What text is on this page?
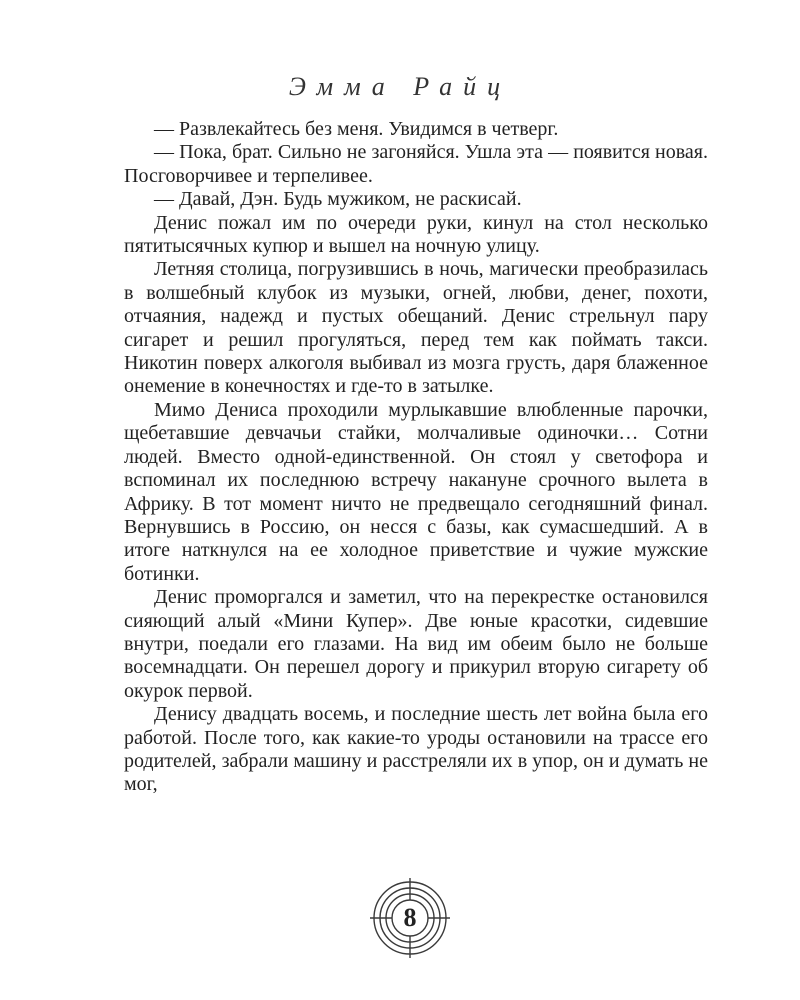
Эмма Райц

— Развлекайтесь без меня. Увидимся в четверг.

— Пока, брат. Сильно не загоняйся. Ушла эта — появится новая. Посговорчивее и терпеливее.

— Давай, Дэн. Будь мужиком, не раскисай.

Денис пожал им по очереди руки, кинул на стол несколько пятитысячных купюр и вышел на ночную улицу.

Летняя столица, погрузившись в ночь, магически преобразилась в волшебный клубок из музыки, огней, любви, денег, похоти, отчаяния, надежд и пустых обещаний. Денис стрельнул пару сигарет и решил прогуляться, перед тем как поймать такси. Никотин поверх алкоголя выбивал из мозга грусть, даря блаженное онемение в конечностях и где-то в затылке.

Мимо Дениса проходили мурлыкавшие влюбленные парочки, щебетавшие девчачьи стайки, молчаливые одиночки… Сотни людей. Вместо одной-единственной. Он стоял у светофора и вспоминал их последнюю встречу накануне срочного вылета в Африку. В тот момент ничто не предвещало сегодняшний финал. Вернувшись в Россию, он несся с базы, как сумасшедший. А в итоге наткнулся на ее холодное приветствие и чужие мужские ботинки.

Денис проморгался и заметил, что на перекрестке остановился сияющий алый «Мини Купер». Две юные красотки, сидевшие внутри, поедали его глазами. На вид им обеим было не больше восемнадцати. Он перешел дорогу и прикурил вторую сигарету об окурок первой.

Денису двадцать восемь, и последние шесть лет война была его работой. После того, как какие-то уроды остановили на трассе его родителей, забрали машину и расстреляли их в упор, он и думать не мог,

8
